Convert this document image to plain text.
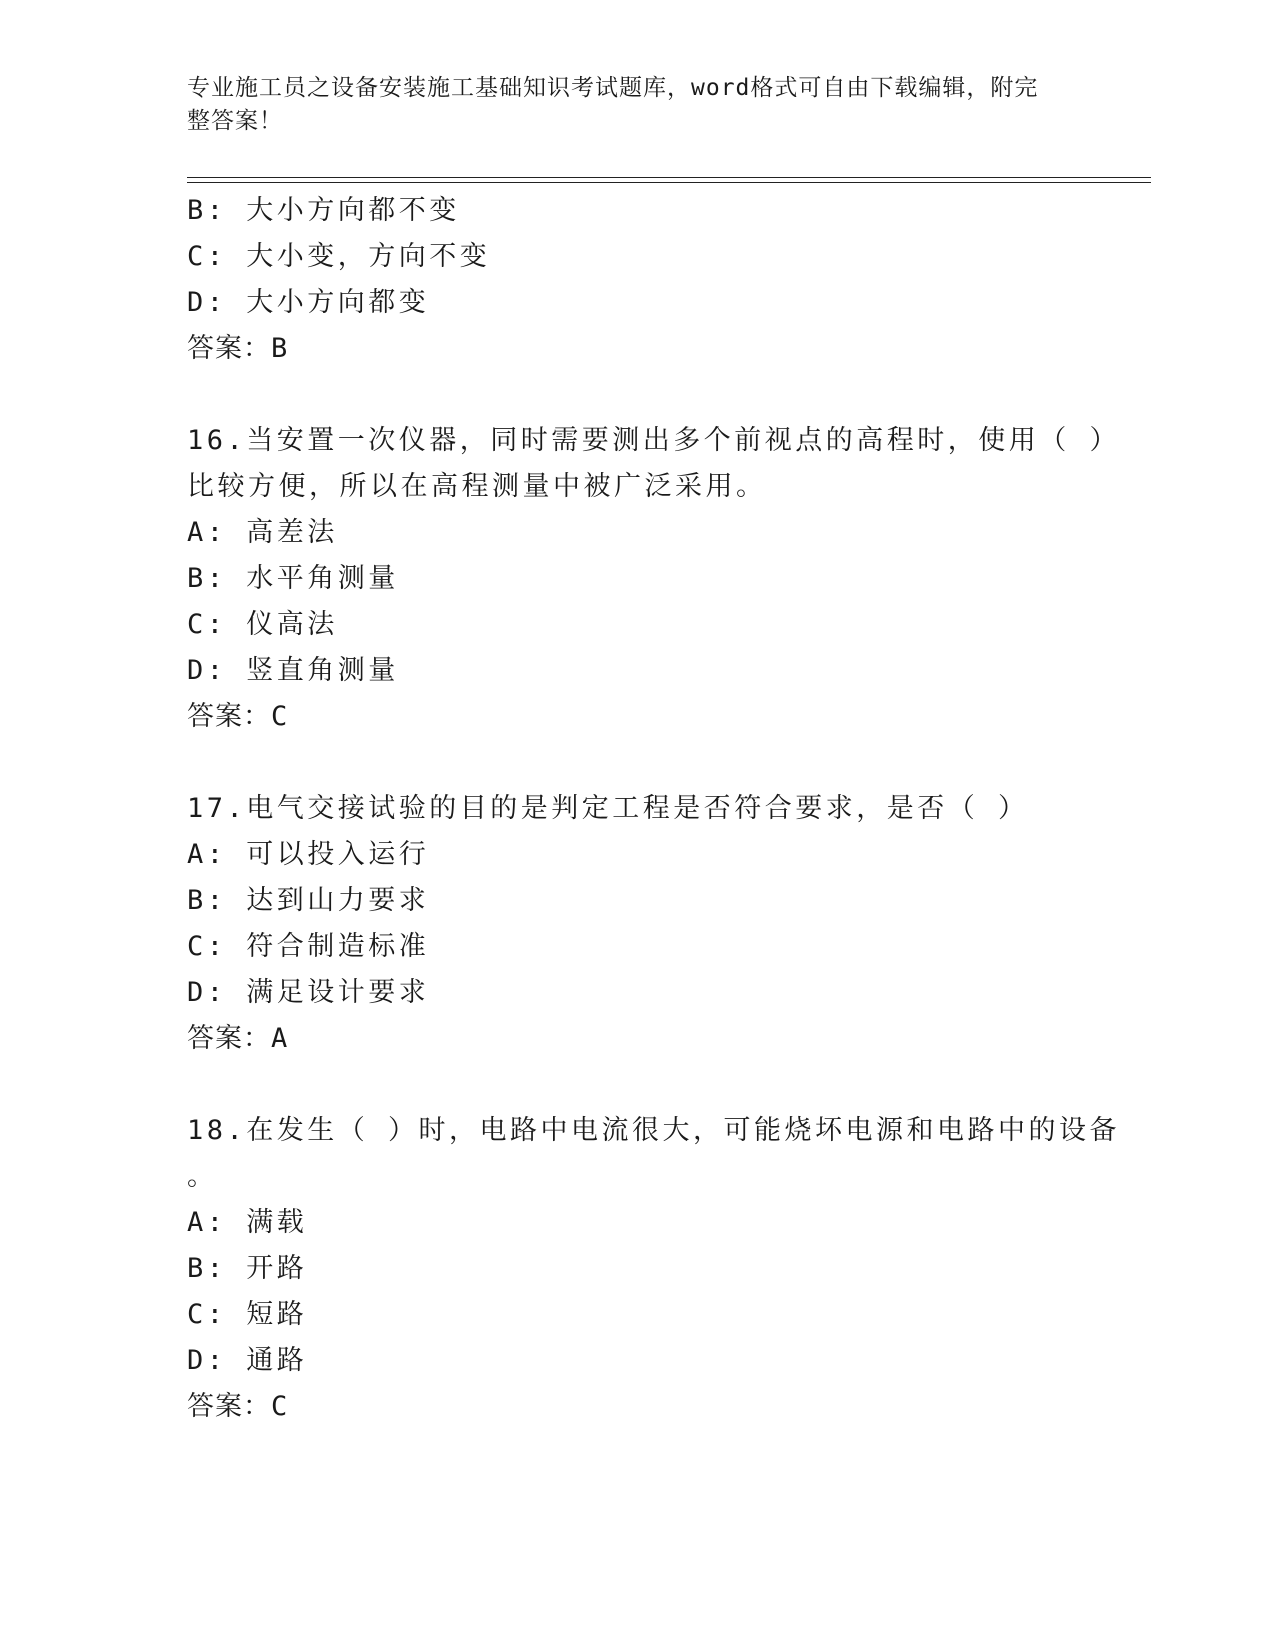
专业施工员之设备安装施工基础知识考试题库，word格式可自由下载编辑，附完
整答案！
B: 大小方向都不变
C: 大小变，方向不变
D: 大小方向都变
答案：B
16.当安置一次仪器，同时需要测出多个前视点的高程时，使用（ ）
比较方便，所以在高程测量中被广泛采用。
A: 高差法
B: 水平角测量
C: 仪高法
D: 竖直角测量
答案：C
17.电气交接试验的目的是判定工程是否符合要求，是否（ ）
A: 可以投入运行
B: 达到山力要求
C: 符合制造标准
D: 满足设计要求
答案：A
18.在发生（ ）时，电路中电流很大，可能烧坏电源和电路中的设备
。
A: 满载
B: 开路
C: 短路
D: 通路
答案：C
